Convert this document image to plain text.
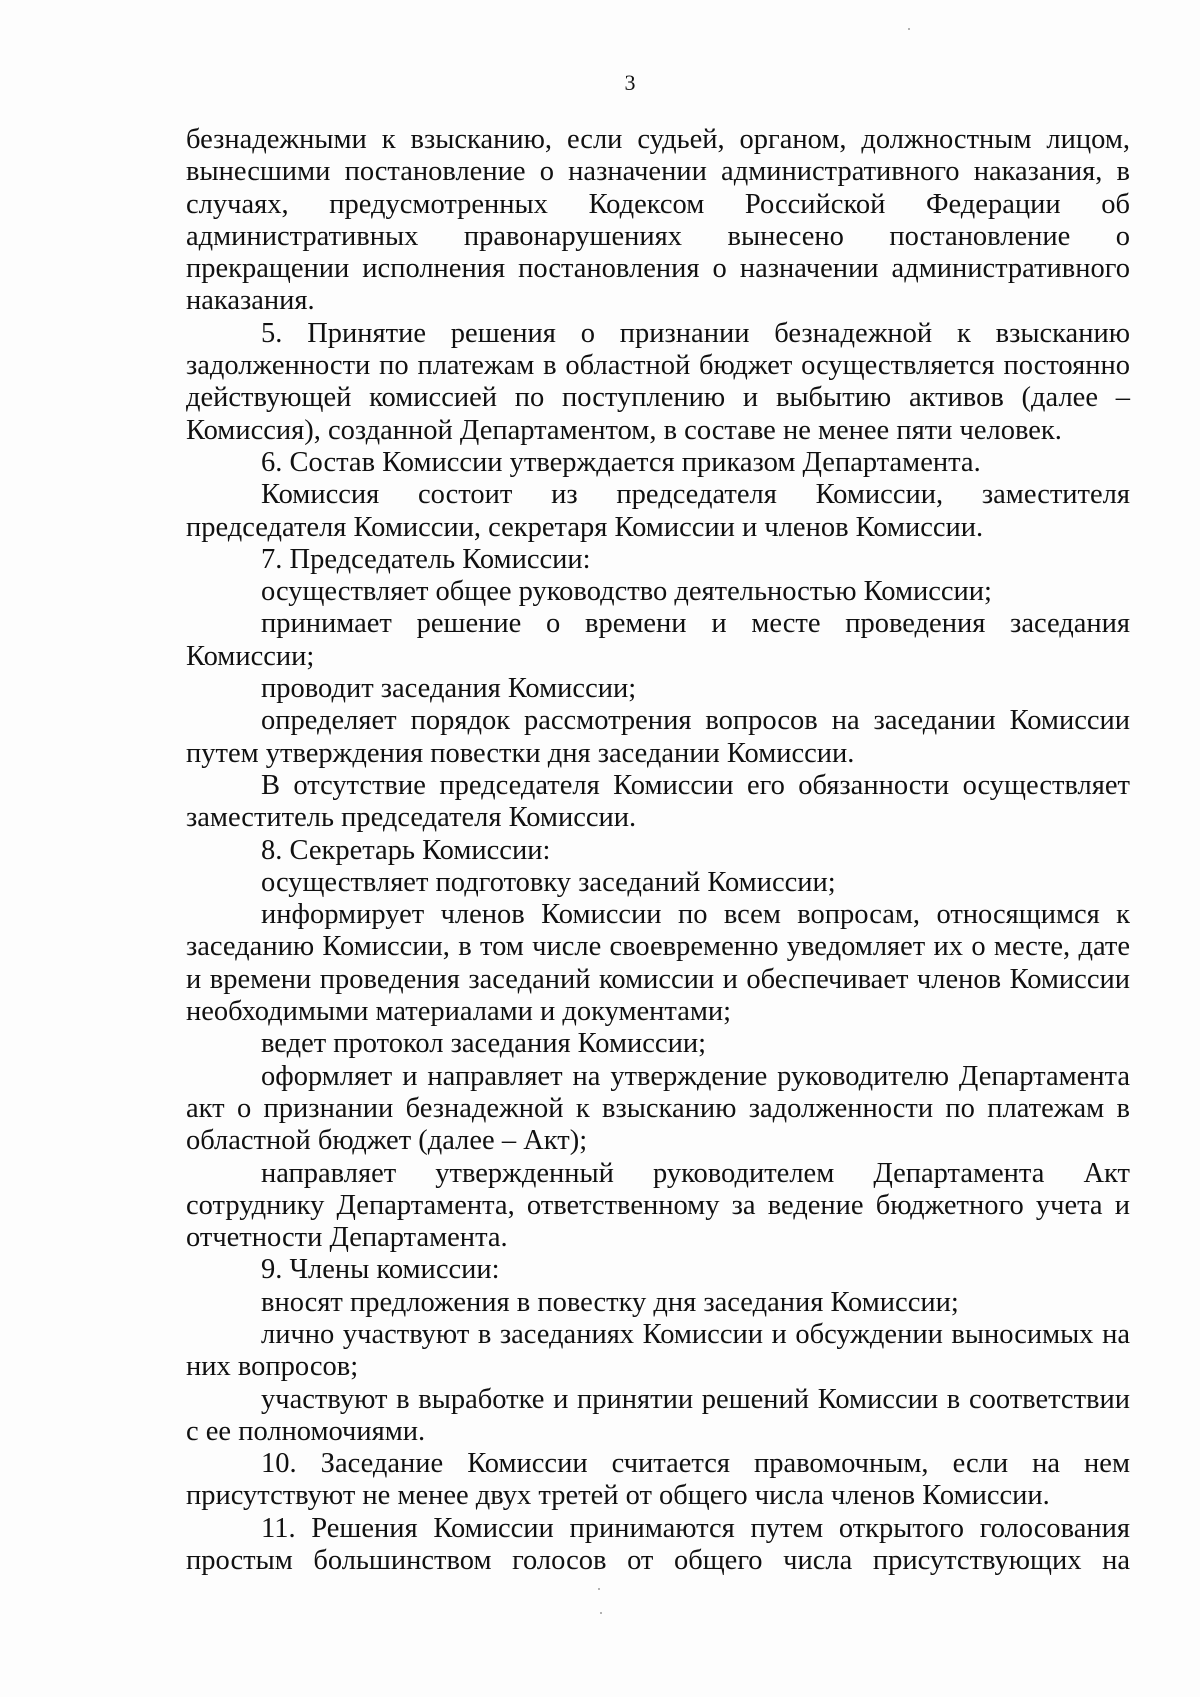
3

безнадежными к взысканию, если судьей, органом, должностным лицом, вынесшими постановление о назначении административного наказания, в случаях, предусмотренных Кодексом Российской Федерации об административных правонарушениях вынесено постановление о прекращении исполнения постановления о назначении административного наказания.

5. Принятие решения о признании безнадежной к взысканию задолженности по платежам в областной бюджет осуществляется постоянно действующей комиссией по поступлению и выбытию активов (далее – Комиссия), созданной Департаментом, в составе не менее пяти человек.

6. Состав Комиссии утверждается приказом Департамента.

Комиссия состоит из председателя Комиссии, заместителя председателя Комиссии, секретаря Комиссии и членов Комиссии.

7. Председатель Комиссии:

осуществляет общее руководство деятельностью Комиссии;

принимает решение о времени и месте проведения заседания Комиссии;

проводит заседания Комиссии;

определяет порядок рассмотрения вопросов на заседании Комиссии путем утверждения повестки дня заседании Комиссии.

В отсутствие председателя Комиссии его обязанности осуществляет заместитель председателя Комиссии.

8. Секретарь Комиссии:

осуществляет подготовку заседаний Комиссии;

информирует членов Комиссии по всем вопросам, относящимся к заседанию Комиссии, в том числе своевременно уведомляет их о месте, дате и времени проведения заседаний комиссии и обеспечивает членов Комиссии необходимыми материалами и документами;

ведет протокол заседания Комиссии;

оформляет и направляет на утверждение руководителю Департамента акт о признании безнадежной к взысканию задолженности по платежам в областной бюджет (далее – Акт);

направляет утвержденный руководителем Департамента Акт сотруднику Департамента, ответственному за ведение бюджетного учета и отчетности Департамента.

9. Члены комиссии:

вносят предложения в повестку дня заседания Комиссии;

лично участвуют в заседаниях Комиссии и обсуждении выносимых на них вопросов;

участвуют в выработке и принятии решений Комиссии в соответствии с ее полномочиями.

10. Заседание Комиссии считается правомочным, если на нем присутствуют не менее двух третей от общего числа членов Комиссии.

11. Решения Комиссии принимаются путем открытого голосования простым большинством голосов от общего числа присутствующих на
